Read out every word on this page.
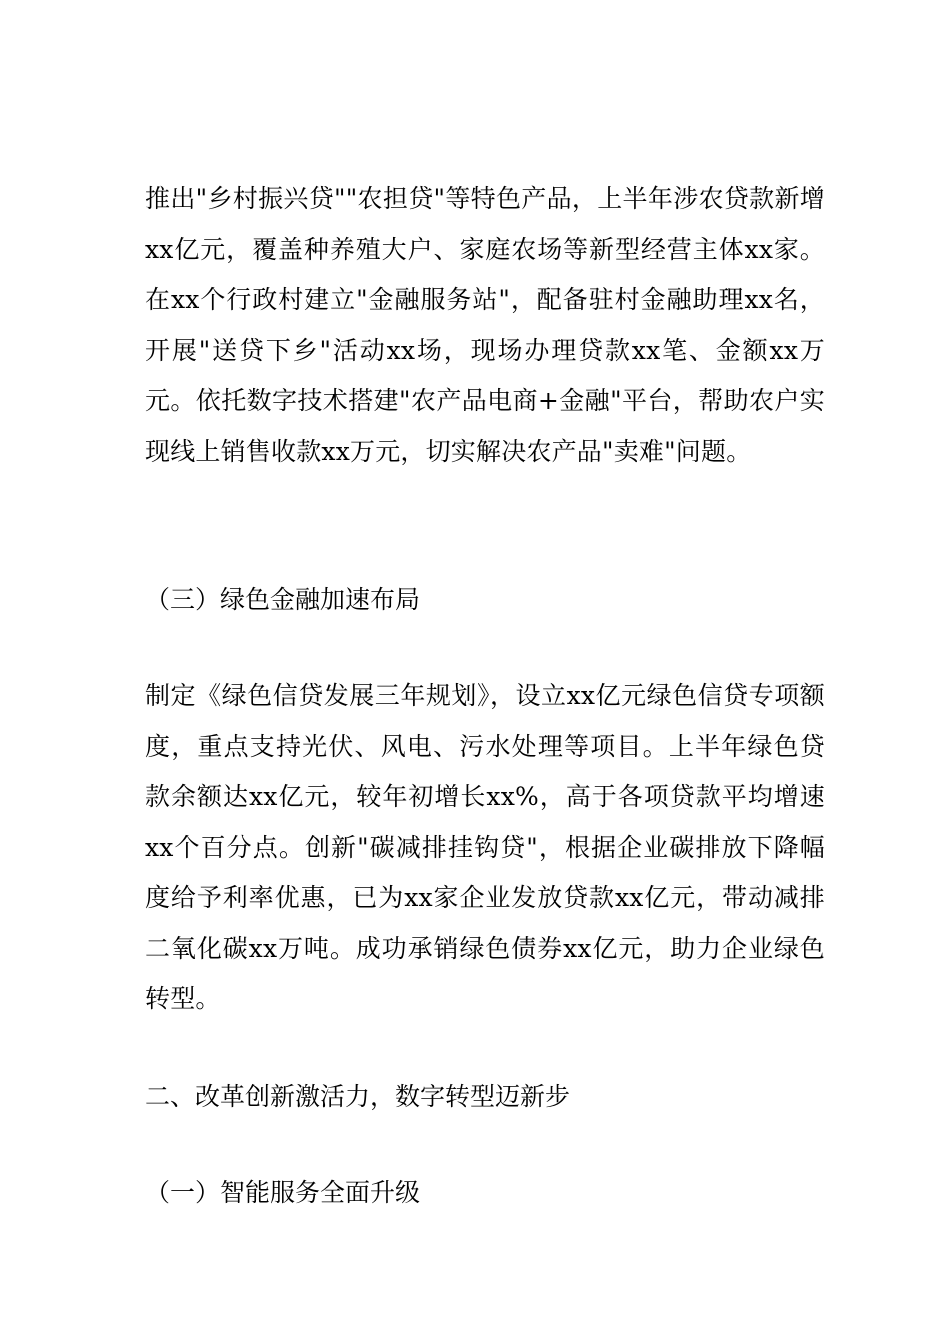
推出"乡村振兴贷""农担贷"等特色产品，上半年涉农贷款新增xx亿元，覆盖种养殖大户、家庭农场等新型经营主体xx家。在xx个行政村建立"金融服务站"，配备驻村金融助理xx名，开展"送贷下乡"活动xx场，现场办理贷款xx笔、金额xx万元。依托数字技术搭建"农产品电商+金融"平台，帮助农户实现线上销售收款xx万元，切实解决农产品"卖难"问题。

（三）绿色金融加速布局

制定《绿色信贷发展三年规划》，设立xx亿元绿色信贷专项额度，重点支持光伏、风电、污水处理等项目。上半年绿色贷款余额达xx亿元，较年初增长xx%，高于各项贷款平均增速xx个百分点。创新"碳减排挂钩贷"，根据企业碳排放下降幅度给予利率优惠，已为xx家企业发放贷款xx亿元，带动减排二氧化碳xx万吨。成功承销绿色债券xx亿元，助力企业绿色转型。

二、改革创新激活力，数字转型迈新步

（一）智能服务全面升级
